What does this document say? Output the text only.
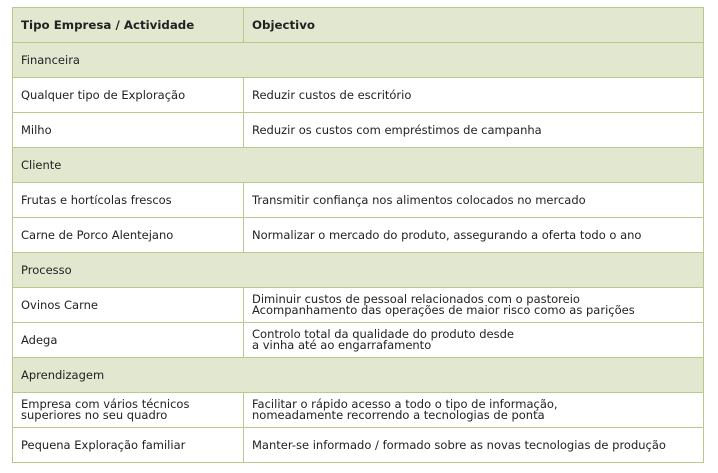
Tipo Empresa / Actividade	Objectivo
Financeira	

Qualquer tipo de Exploração	Reduzir custos de escritório

Milho	Reduzir os custos com empréstimos de campanha

Cliente	

Frutas e hortícolas frescos	Transmitir confiança nos alimentos colocados no mercado

Carne de Porco Alentejano	Normalizar o mercado do produto, assegurando a oferta todo o ano

Processo	

Ovinos Carne	Diminuir custos de pessoal relacionados com o pastoreio
Acompanhamento das operações de maior risco como as parições

Adega	Controlo total da qualidade do produto desde
a vinha até ao engarrafamento

Aprendizagem	

Empresa com vários técnicos
superiores no seu quadro	Facilitar o rápido acesso a todo o tipo de informação,
nomeadamente recorrendo a tecnologias de ponta

Pequena Exploração familiar	Manter-se informado / formado sobre as novas tecnologias de produção
